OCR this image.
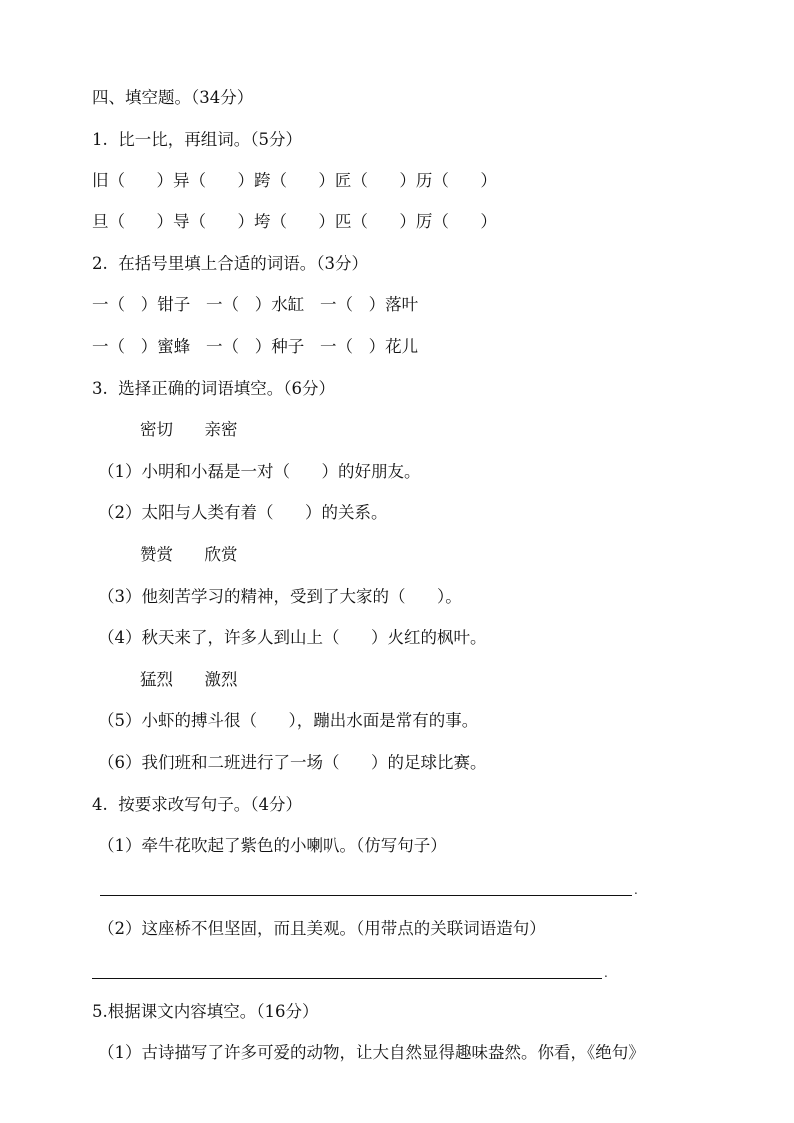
四、填空题。（34分）
1.  比一比，再组词。（5分）
旧（      ）异（      ）跨（      ）匠（      ）历（      ）
旦（      ）导（      ）垮（      ）匹（      ）厉（      ）
2.  在括号里填上合适的词语。（3分）
一（   ）钳子   一（   ）水缸   一（   ）落叶
一（   ）蜜蜂   一（   ）种子   一（   ）花儿
3.  选择正确的词语填空。（6分）
密切      亲密
（1）小明和小磊是一对（      ）的好朋友。
（2）太阳与人类有着（      ）的关系。
赞赏      欣赏
（3）他刻苦学习的精神，受到了大家的（      ）。
（4）秋天来了，许多人到山上（      ）火红的枫叶。
猛烈      激烈
（5）小虾的搏斗很（      ），蹦出水面是常有的事。
（6）我们班和二班进行了一场（      ）的足球比赛。
4.  按要求改写句子。（4分）
（1）牵牛花吹起了紫色的小喇叭。（仿写句子）
.
（2）这座桥不但坚固，而且美观。（用带点的关联词语造句）
.
5.根据课文内容填空。（16分）
（1）古诗描写了许多可爱的动物，让大自然显得趣味盎然。你看，《绝句》
